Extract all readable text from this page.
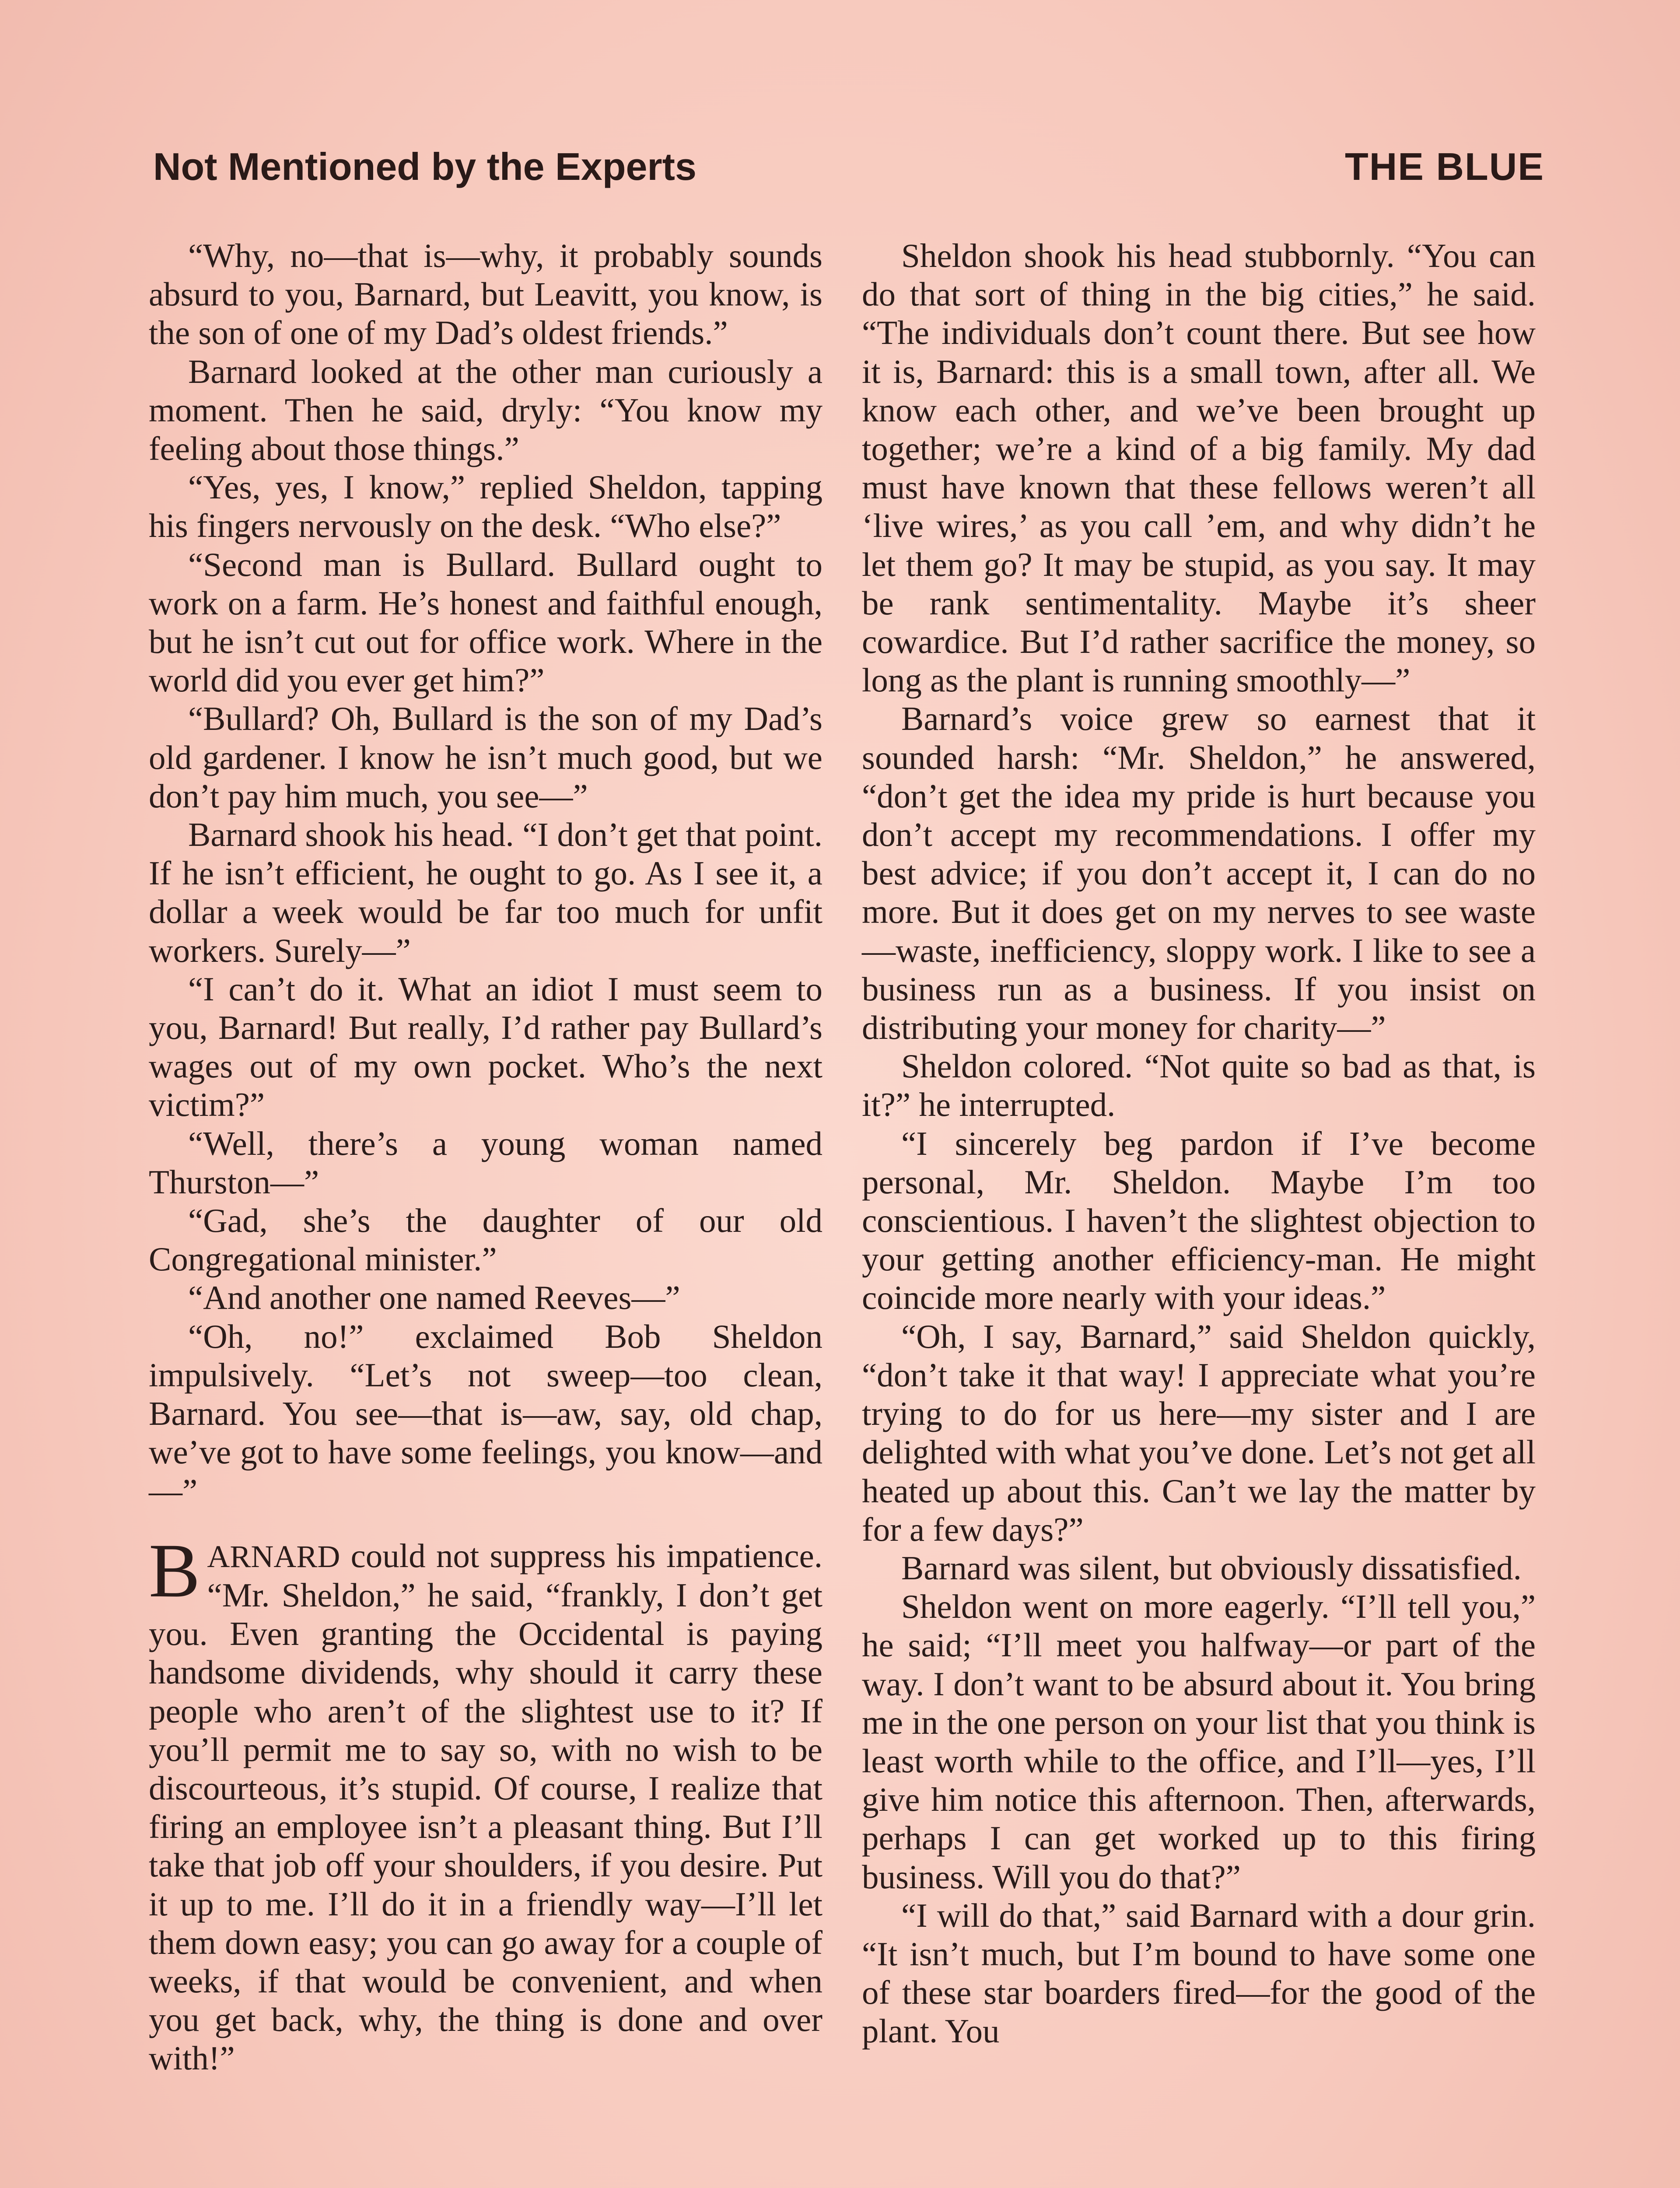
Not Mentioned by the Experts	THE BLUE

“Why, no—that is—why, it probably sounds absurd to you, Barnard, but Leavitt, you know, is the son of one of my Dad’s oldest friends.”

Barnard looked at the other man curiously a moment. Then he said, dryly: “You know my feeling about those things.”

“Yes, yes, I know,” replied Sheldon, tapping his fingers nervously on the desk. “Who else?”

“Second man is Bullard. Bullard ought to work on a farm. He’s honest and faithful enough, but he isn’t cut out for office work. Where in the world did you ever get him?”

“Bullard? Oh, Bullard is the son of my Dad’s old gardener. I know he isn’t much good, but we don’t pay him much, you see—”

Barnard shook his head. “I don’t get that point. If he isn’t efficient, he ought to go. As I see it, a dollar a week would be far too much for unfit workers. Surely—”

“I can’t do it. What an idiot I must seem to you, Barnard! But really, I’d rather pay Bullard’s wages out of my own pocket. Who’s the next victim?”

“Well, there’s a young woman named Thurston—”

“Gad, she’s the daughter of our old Congregational minister.”

“And another one named Reeves—”

“Oh, no!” exclaimed Bob Sheldon impulsively. “Let’s not sweep—too clean, Barnard. You see—that is—aw, say, old chap, we’ve got to have some feelings, you know—and—”

BARNARD could not suppress his impatience. “Mr. Sheldon,” he said, “frankly, I don’t get you. Even granting the Occidental is paying handsome dividends, why should it carry these people who aren’t of the slightest use to it? If you’ll permit me to say so, with no wish to be discourteous, it’s stupid. Of course, I realize that firing an employee isn’t a pleasant thing. But I’ll take that job off your shoulders, if you desire. Put it up to me. I’ll do it in a friendly way—I’ll let them down easy; you can go away for a couple of weeks, if that would be convenient, and when you get back, why, the thing is done and over with!”

Sheldon shook his head stubbornly. “You can do that sort of thing in the big cities,” he said. “The individuals don’t count there. But see how it is, Barnard: this is a small town, after all. We know each other, and we’ve been brought up together; we’re a kind of a big family. My dad must have known that these fellows weren’t all ‘live wires,’ as you call ’em, and why didn’t he let them go? It may be stupid, as you say. It may be rank sentimentality. Maybe it’s sheer cowardice. But I’d rather sacrifice the money, so long as the plant is running smoothly—”

Barnard’s voice grew so earnest that it sounded harsh: “Mr. Sheldon,” he answered, “don’t get the idea my pride is hurt because you don’t accept my recommendations. I offer my best advice; if you don’t accept it, I can do no more. But it does get on my nerves to see waste—waste, inefficiency, sloppy work. I like to see a business run as a business. If you insist on distributing your money for charity—”

Sheldon colored. “Not quite so bad as that, is it?” he interrupted.

“I sincerely beg pardon if I’ve become personal, Mr. Sheldon. Maybe I’m too conscientious. I haven’t the slightest objection to your getting another efficiency-man. He might coincide more nearly with your ideas.”

“Oh, I say, Barnard,” said Sheldon quickly, “don’t take it that way! I appreciate what you’re trying to do for us here—my sister and I are delighted with what you’ve done. Let’s not get all heated up about this. Can’t we lay the matter by for a few days?”

Barnard was silent, but obviously dissatisfied.

Sheldon went on more eagerly. “I’ll tell you,” he said; “I’ll meet you halfway—or part of the way. I don’t want to be absurd about it. You bring me in the one person on your list that you think is least worth while to the office, and I’ll—yes, I’ll give him notice this afternoon. Then, afterwards, perhaps I can get worked up to this firing business. Will you do that?”

“I will do that,” said Barnard with a dour grin. “It isn’t much, but I’m bound to have some one of these star boarders fired—for the good of the plant. You
